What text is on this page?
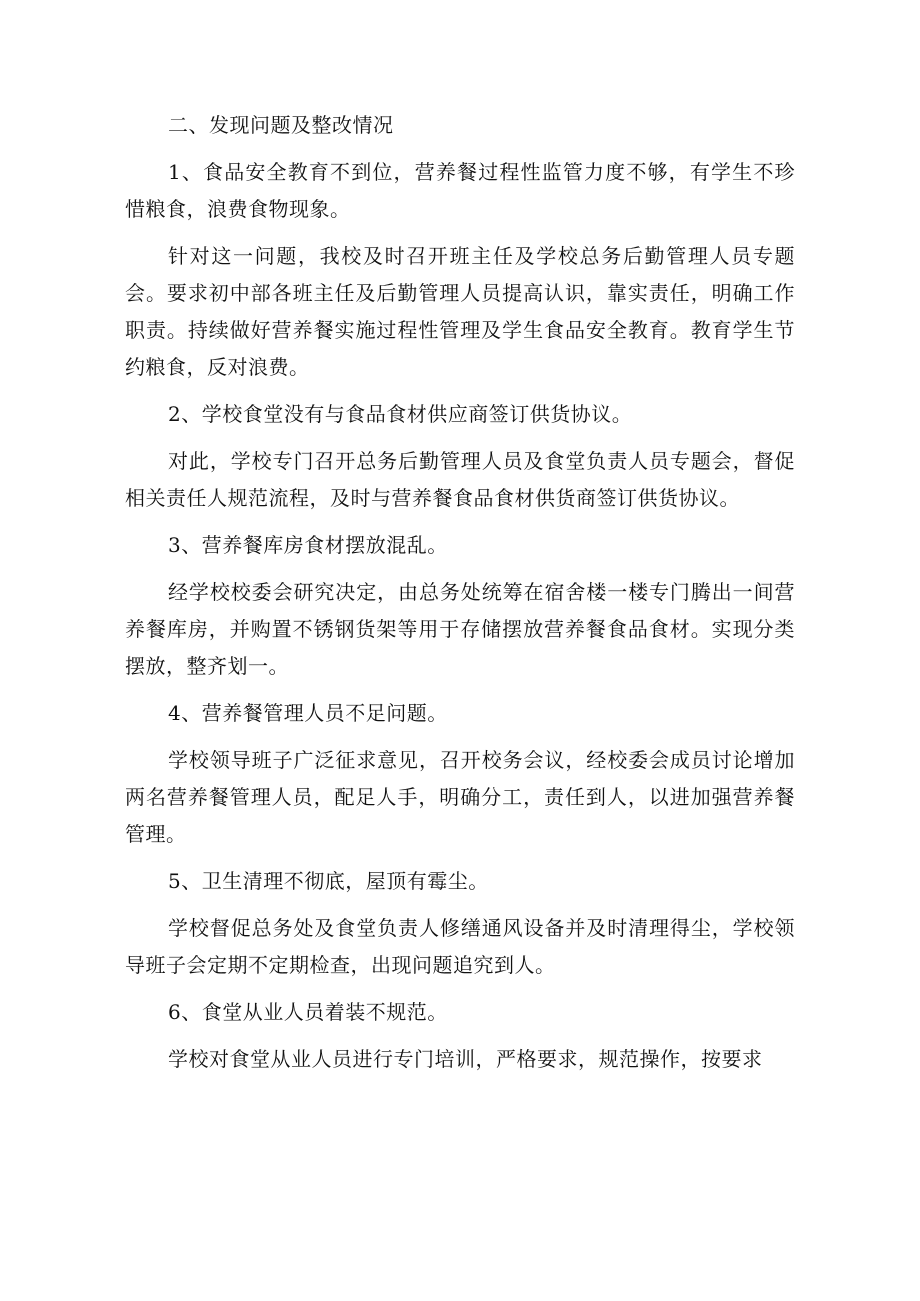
二、发现问题及整改情况

1、食品安全教育不到位，营养餐过程性监管力度不够，有学生不珍惜粮食，浪费食物现象。

针对这一问题，我校及时召开班主任及学校总务后勤管理人员专题会。要求初中部各班主任及后勤管理人员提高认识，靠实责任，明确工作职责。持续做好营养餐实施过程性管理及学生食品安全教育。教育学生节约粮食，反对浪费。

2、学校食堂没有与食品食材供应商签订供货协议。

对此，学校专门召开总务后勤管理人员及食堂负责人员专题会，督促相关责任人规范流程，及时与营养餐食品食材供货商签订供货协议。

3、营养餐库房食材摆放混乱。

经学校校委会研究决定，由总务处统筹在宿舍楼一楼专门腾出一间营养餐库房，并购置不锈钢货架等用于存储摆放营养餐食品食材。实现分类摆放，整齐划一。

4、营养餐管理人员不足问题。

学校领导班子广泛征求意见，召开校务会议，经校委会成员讨论增加两名营养餐管理人员，配足人手，明确分工，责任到人，以进加强营养餐管理。

5、卫生清理不彻底，屋顶有霉尘。

学校督促总务处及食堂负责人修缮通风设备并及时清理得尘，学校领导班子会定期不定期检查，出现问题追究到人。

6、食堂从业人员着装不规范。

学校对食堂从业人员进行专门培训，严格要求，规范操作，按要求
